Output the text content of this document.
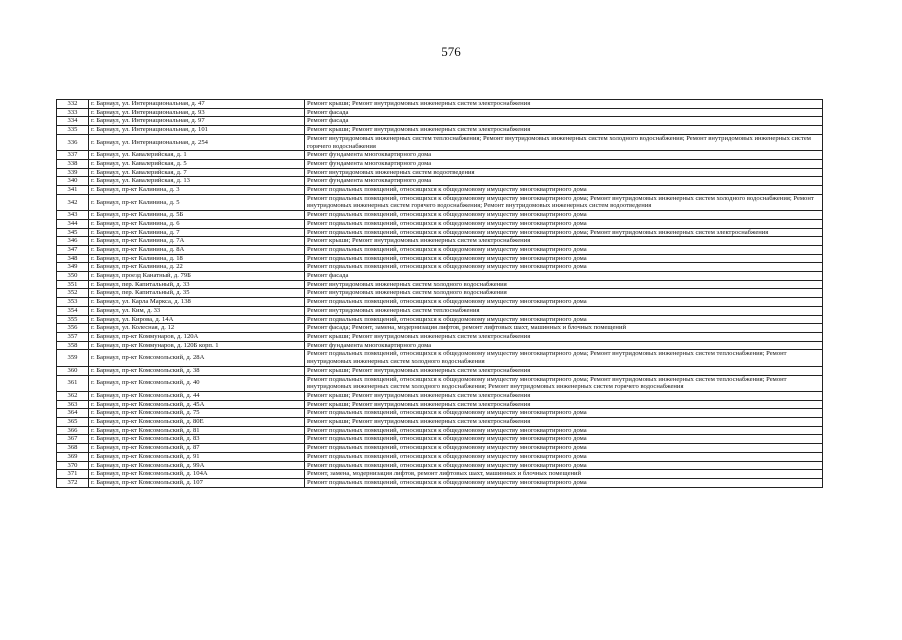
576
332	г. Барнаул, ул. Интернациональная, д. 47	Ремонт крыши; Ремонт внутридомовых инженерных систем электроснабжения
333	г. Барнаул, ул. Интернациональная, д. 93	Ремонт фасада
334	г. Барнаул, ул. Интернациональная, д. 97	Ремонт фасада
335	г. Барнаул, ул. Интернациональная, д. 101	Ремонт крыши; Ремонт внутридомовых инженерных систем электроснабжения
336	г. Барнаул, ул. Интернациональная, д. 254	Ремонт внутридомовых инженерных систем теплоснабжения; Ремонт внутридомовых инженерных систем холодного водоснабжения; Ремонт внутридомовых инженерных систем горячего водоснабжения
337	г. Барнаул, ул. Кавалерийская, д. 1	Ремонт фундамента многоквартирного дома
338	г. Барнаул, ул. Кавалерийская, д. 5	Ремонт фундамента многоквартирного дома
339	г. Барнаул, ул. Кавалерийская, д. 7	Ремонт внутридомовых инженерных систем водоотведения
340	г. Барнаул, ул. Кавалерийская, д. 13	Ремонт фундамента многоквартирного дома
341	г. Барнаул, пр-кт Калинина, д. 3	Ремонт подвальных помещений, относящихся к общедомовому имуществу многоквартирного дома
342	г. Барнаул, пр-кт Калинина, д. 5	Ремонт подвальных помещений, относящихся к общедомовому имуществу многоквартирного дома; Ремонт внутридомовых инженерных систем холодного водоснабжения; Ремонт внутридомовых инженерных систем горячего водоснабжения; Ремонт внутридомовых инженерных систем водоотведения
343	г. Барнаул, пр-кт Калинина, д. 5Б	Ремонт подвальных помещений, относящихся к общедомовому имуществу многоквартирного дома
344	г. Барнаул, пр-кт Калинина, д. 6	Ремонт подвальных помещений, относящихся к общедомовому имуществу многоквартирного дома
345	г. Барнаул, пр-кт Калинина, д. 7	Ремонт подвальных помещений, относящихся к общедомовому имуществу многоквартирного дома; Ремонт внутридомовых инженерных систем электроснабжения
346	г. Барнаул, пр-кт Калинина, д. 7А	Ремонт крыши; Ремонт внутридомовых инженерных систем электроснабжения
347	г. Барнаул, пр-кт Калинина, д. 8А	Ремонт подвальных помещений, относящихся к общедомовому имуществу многоквартирного дома
348	г. Барнаул, пр-кт Калинина, д. 18	Ремонт подвальных помещений, относящихся к общедомовому имуществу многоквартирного дома
349	г. Барнаул, пр-кт Калинина, д. 22	Ремонт подвальных помещений, относящихся к общедомовому имуществу многоквартирного дома
350	г. Барнаул, проезд Канатный, д. 79Б	Ремонт фасада
351	г. Барнаул, пер. Капитальный, д. 33	Ремонт внутридомовых инженерных систем холодного водоснабжения
352	г. Барнаул, пер. Капитальный, д. 35	Ремонт внутридомовых инженерных систем холодного водоснабжения
353	г. Барнаул, ул. Карла Маркса, д. 138	Ремонт подвальных помещений, относящихся к общедомовому имуществу многоквартирного дома
354	г. Барнаул, ул. Ким, д. 33	Ремонт внутридомовых инженерных систем теплоснабжения
355	г. Барнаул, ул. Кирова, д. 14А	Ремонт подвальных помещений, относящихся к общедомовому имуществу многоквартирного дома
356	г. Барнаул, ул. Колесная, д. 12	Ремонт фасада; Ремонт, замена, модернизация лифтов, ремонт лифтовых шахт, машинных и блочных помещений
357	г. Барнаул, пр-кт Коммунаров, д. 120А	Ремонт крыши; Ремонт внутридомовых инженерных систем электроснабжения
358	г. Барнаул, пр-кт Коммунаров, д. 120Б корп. 1	Ремонт фундамента многоквартирного дома
359	г. Барнаул, пр-кт Комсомольский, д. 28А	Ремонт подвальных помещений, относящихся к общедомовому имуществу многоквартирного дома; Ремонт внутридомовых инженерных систем теплоснабжения; Ремонт внутридомовых инженерных систем холодного водоснабжения
360	г. Барнаул, пр-кт Комсомольский, д. 38	Ремонт крыши; Ремонт внутридомовых инженерных систем электроснабжения
361	г. Барнаул, пр-кт Комсомольский, д. 40	Ремонт подвальных помещений, относящихся к общедомовому имуществу многоквартирного дома; Ремонт внутридомовых инженерных систем теплоснабжения; Ремонт внутридомовых инженерных систем холодного водоснабжения; Ремонт внутридомовых инженерных систем горячего водоснабжения
362	г. Барнаул, пр-кт Комсомольский, д. 44	Ремонт крыши; Ремонт внутридомовых инженерных систем электроснабжения
363	г. Барнаул, пр-кт Комсомольский, д. 45А	Ремонт крыши; Ремонт внутридомовых инженерных систем электроснабжения
364	г. Барнаул, пр-кт Комсомольский, д. 75	Ремонт подвальных помещений, относящихся к общедомовому имуществу многоквартирного дома
365	г. Барнаул, пр-кт Комсомольский, д. 80Е	Ремонт крыши; Ремонт внутридомовых инженерных систем электроснабжения
366	г. Барнаул, пр-кт Комсомольский, д. 81	Ремонт подвальных помещений, относящихся к общедомовому имуществу многоквартирного дома
367	г. Барнаул, пр-кт Комсомольский, д. 83	Ремонт подвальных помещений, относящихся к общедомовому имуществу многоквартирного дома
368	г. Барнаул, пр-кт Комсомольский, д. 87	Ремонт подвальных помещений, относящихся к общедомовому имуществу многоквартирного дома
369	г. Барнаул, пр-кт Комсомольский, д. 91	Ремонт подвальных помещений, относящихся к общедомовому имуществу многоквартирного дома
370	г. Барнаул, пр-кт Комсомольский, д. 99А	Ремонт подвальных помещений, относящихся к общедомовому имуществу многоквартирного дома
371	г. Барнаул, пр-кт Комсомольский, д. 104А	Ремонт, замена, модернизация лифтов, ремонт лифтовых шахт, машинных и блочных помещений
372	г. Барнаул, пр-кт Комсомольский, д. 107	Ремонт подвальных помещений, относящихся к общедомовому имуществу многоквартирного дома
